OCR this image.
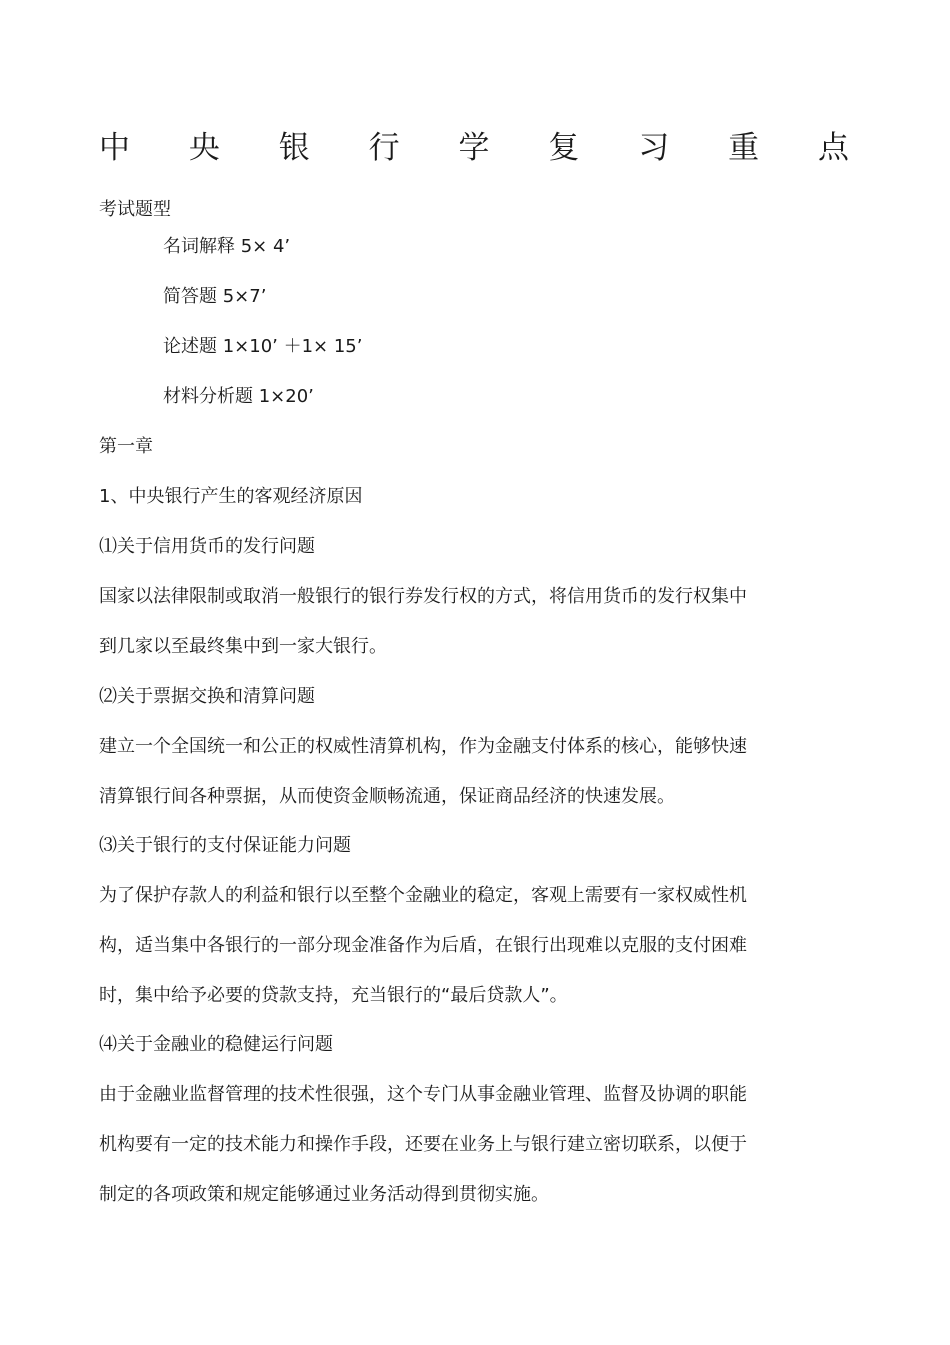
中 央 银 行 学 复 习 重 点
考试题型
名词解释 5× 4’
简答题 5×7’
论述题 1×10’ ＋1× 15’
材料分析题 1×20’
第一章
1、中央银行产生的客观经济原因
⑴关于信用货币的发行问题
国家以法律限制或取消一般银行的银行券发行权的方式，将信用货币的发行权集中
到几家以至最终集中到一家大银行。
⑵关于票据交换和清算问题
建立一个全国统一和公正的权威性清算机构，作为金融支付体系的核心，能够快速
清算银行间各种票据，从而使资金顺畅流通，保证商品经济的快速发展。
⑶关于银行的支付保证能力问题
为了保护存款人的利益和银行以至整个金融业的稳定，客观上需要有一家权威性机
构，适当集中各银行的一部分现金准备作为后盾，在银行出现难以克服的支付困难
时，集中给予必要的贷款支持，充当银行的“最后贷款人”。
⑷关于金融业的稳健运行问题
由于金融业监督管理的技术性很强，这个专门从事金融业管理、监督及协调的职能
机构要有一定的技术能力和操作手段，还要在业务上与银行建立密切联系，以便于
制定的各项政策和规定能够通过业务活动得到贯彻实施。
